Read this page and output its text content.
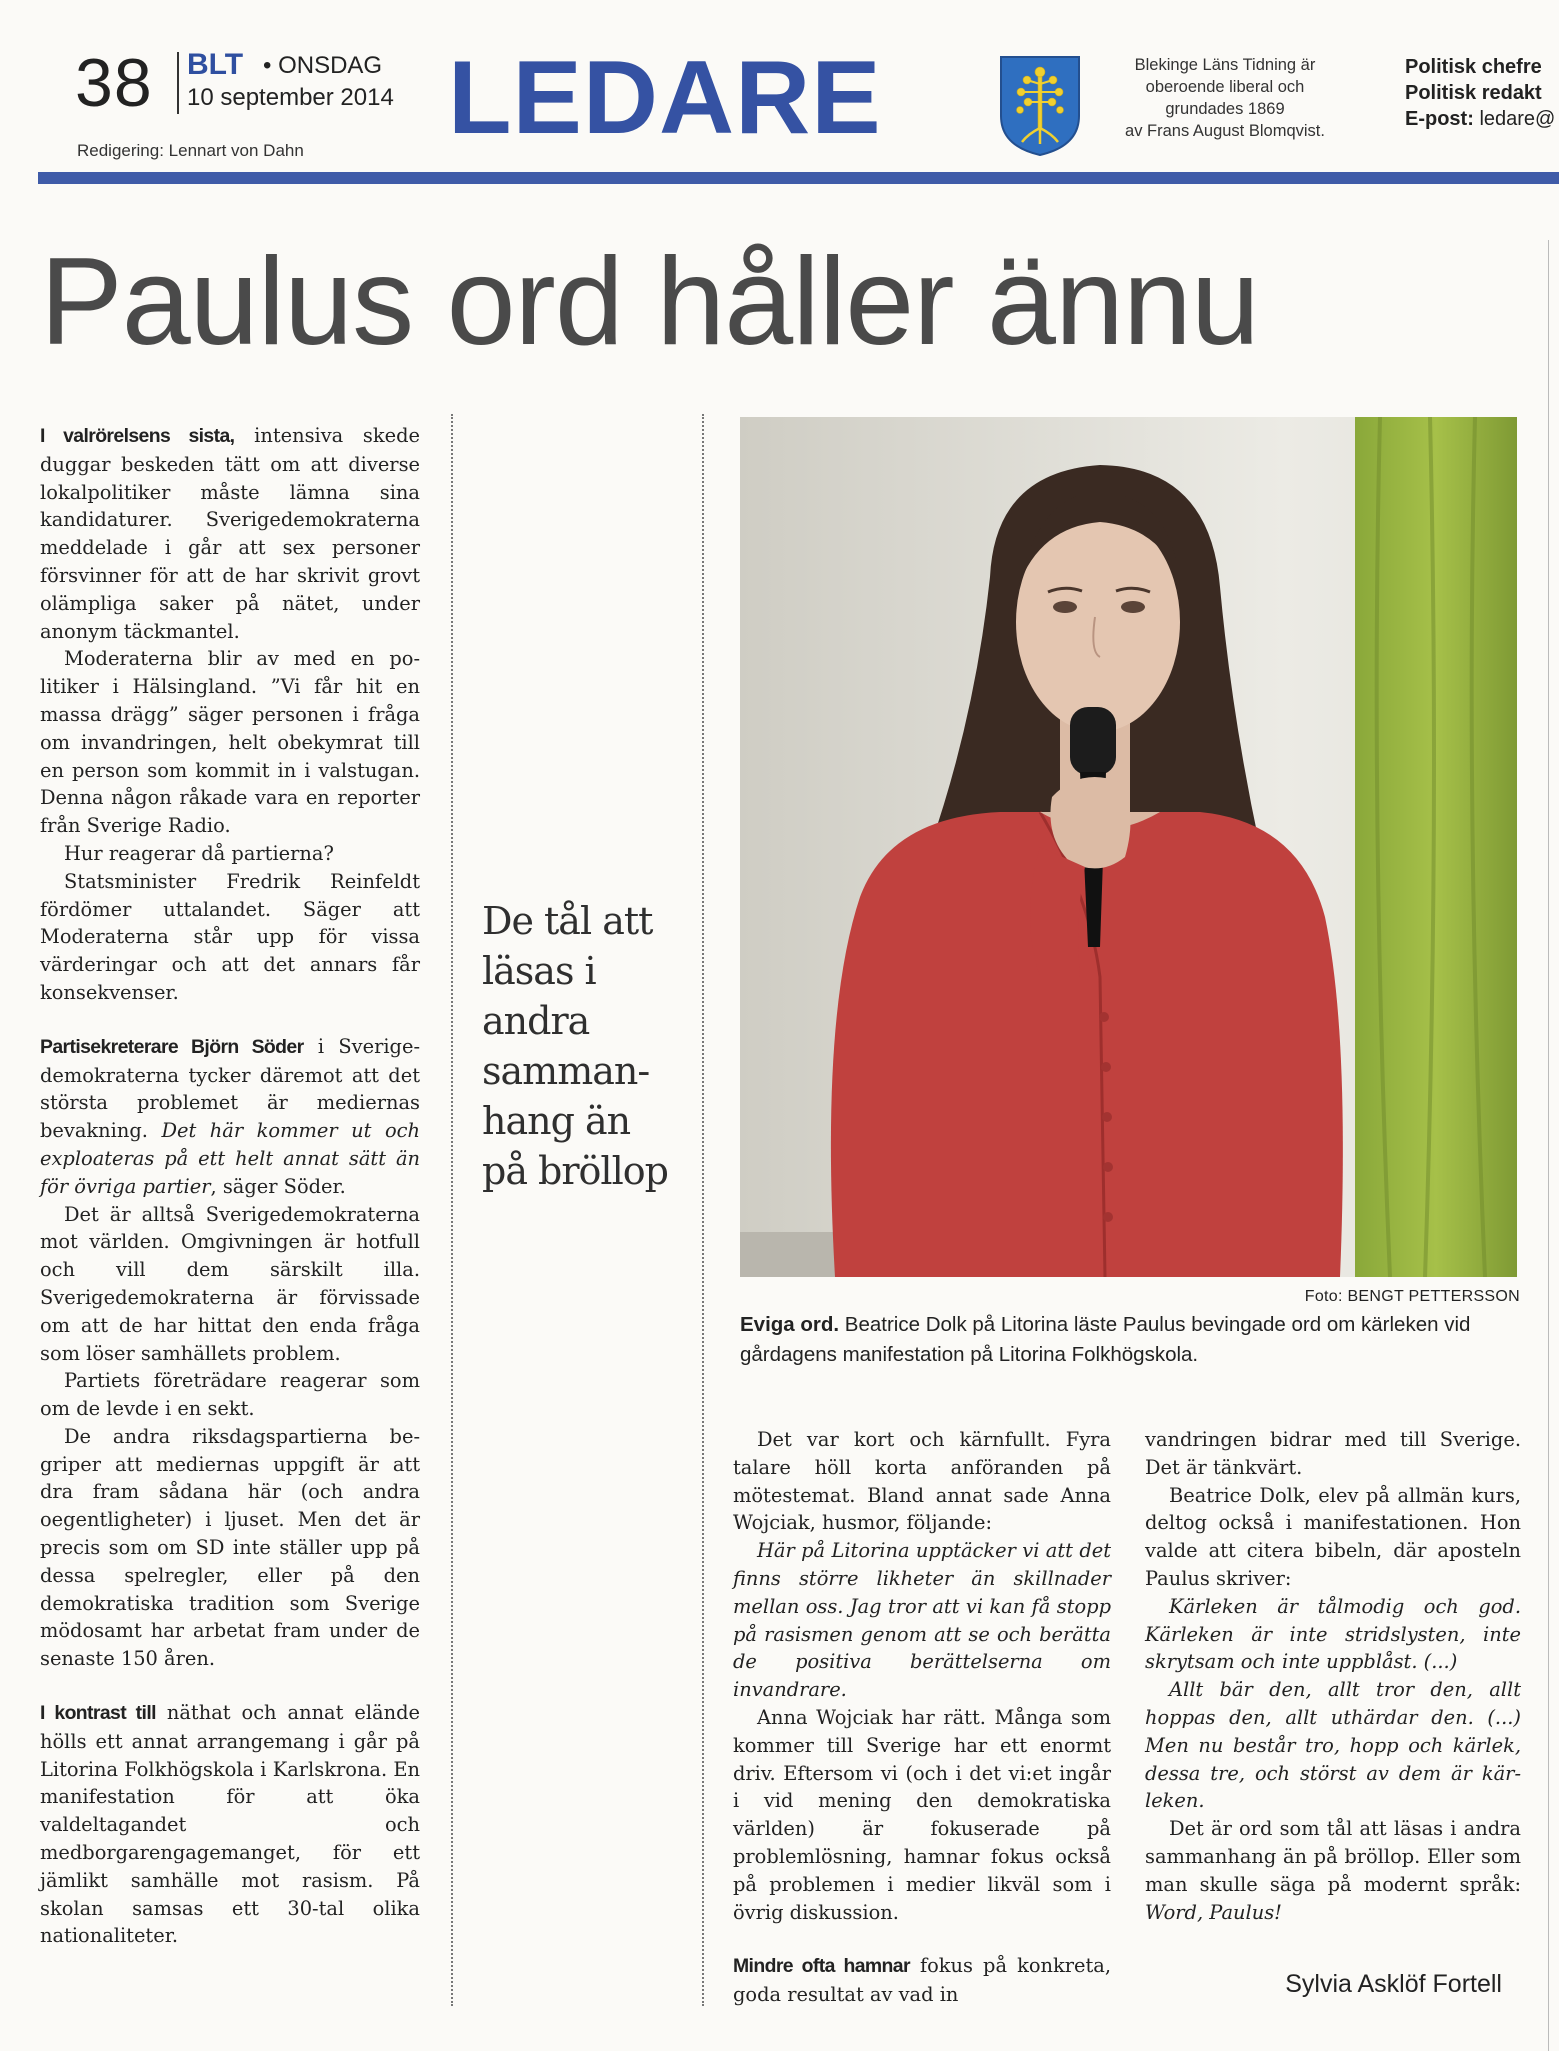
38 BLT • ONSDAG
10 september 2014
Redigering: Lennart von Dahn LEDARE	Blekinge Läns Tidning är
oberoende liberal och
grundades 1869
av Frans August Blomqvist.
Politisk chefre
Politisk redakt
E-post: ledare@
Paulus ord håller ännu

I valrörelsens sista, intensiva skede duggar beskeden tätt om att diverse lokalpolitiker måste lämna sina kandidaturer. Sverigedemokraterna meddelade i går att sex personer försvinner för att de har skrivit grovt olämpliga saker på nätet, under anonym täckmantel.

Moderaterna blir av med en politiker i Hälsingland. ”Vi får hit en massa drägg” säger personen i fråga om invandringen, helt obekymrat till en person som kommit in i valstugan. Denna någon råkade vara en reporter från Sverige Radio.

Hur reagerar då partierna?

Statsminister Fredrik Reinfeldt fördömer uttalandet. Säger att Moderaterna står upp för vissa värderingar och att det annars får konsekvenser.

Partisekreterare Björn Söder i Sverigedemokraterna tycker däremot att det största problemet är mediernas bevakning. Det här kommer ut och exploateras på ett helt annat sätt än för övriga partier, säger Söder.

Det är alltså Sverigedemokraterna mot världen. Omgivningen är hotfull och vill dem särskilt illa. Sverigedemokraterna är förvissade om att de har hittat den enda fråga som löser samhällets problem.

Partiets företrädare reagerar som om de levde i en sekt.

De andra riksdagspartierna begriper att mediernas uppgift är att dra fram sådana här (och andra oegentligheter) i ljuset. Men det är precis som om SD inte ställer upp på dessa spelregler, eller på den demokratiska tradition som Sverige mödosamt har arbetat fram under de senaste 150 åren.

I kontrast till näthat och annat elände hölls ett annat arrangemang i går på Litorina Folkhögskola i Karlskrona. En manifestation för att öka valdeltagandet och medborgarengagemanget, för ett jämlikt samhälle mot rasism. På skolan samsas ett 30-tal olika nationaliteter.

De tål att läsas i andra sammanhang än på bröllop
Foto: BENGT PETTERSSON
Eviga ord. Beatrice Dolk på Litorina läste Paulus bevingade ord om kärleken vid gårdagens manifestation på Litorina Folkhögskola.

Det var kort och kärnfullt. Fyra talare höll korta anföranden på mötestemat. Bland annat sade Anna Wojciak, husmor, följande:

Här på Litorina upptäcker vi att det finns större likheter än skillnader mellan oss. Jag tror att vi kan få stopp på rasismen genom att se och berätta de positiva berättelserna om invandrare.

Anna Wojciak har rätt. Många som kommer till Sverige har ett enormt driv. Eftersom vi (och i det vi:et ingår i vid mening den demokratiska världen) är fokuserade på problemlösning, hamnar fokus också på problemen i medier likväl som i övrig diskussion.

Mindre ofta hamnar fokus på konkreta, goda resultat av vad in

vandringen bidrar med till Sverige. Det är tänkvärt.

Beatrice Dolk, elev på allmän kurs, deltog också i manifestationen. Hon valde att citera bibeln, där aposteln Paulus skriver:

Kärleken är tålmodig och god. Kärleken är inte stridslysten, inte skrytsam och inte uppblåst. (...)

Allt bär den, allt tror den, allt hoppas den, allt uthärdar den. (...) Men nu består tro, hopp och kärlek, dessa tre, och störst av dem är kärleken.

Det är ord som tål att läsas i andra sammanhang än på bröllop. Eller som man skulle säga på modernt språk: Word, Paulus!

Sylvia Asklöf Fortell
